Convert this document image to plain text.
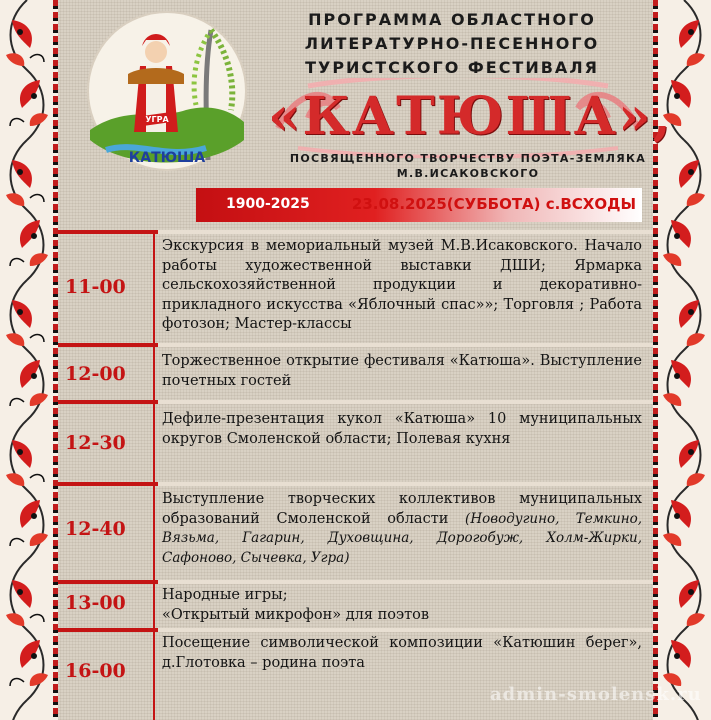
УГРА
КАТЮША
ПРОГРАММА ОБЛАСТНОГО
ЛИТЕРАТУРНО-ПЕСЕННОГО
ТУРИСТСКОГО ФЕСТИВАЛЯ
«КАТЮША»,
ПОСВЯЩЕННОГО ТВОРЧЕСТВУ ПОЭТА-ЗЕМЛЯКА
М.В.ИСАКОВСКОГО
1900-2025	23.08.2025(СУББОТА) с.ВСХОДЫ
11-00
Экскурсия в мемориальный музей М.В.Исаковского. Начало работы художественной выставки ДШИ; Ярмарка сельскохозяйственной продукции и декоративно-прикладного искусства «Яблочный спас»»; Торговля ; Работа фотозон; Мастер-классы
12-00
Торжественное открытие фестиваля «Катюша». Выступление почетных гостей
12-30
Дефиле-презентация кукол «Катюша» 10 муниципальных округов Смоленской области; Полевая кухня
12-40
Выступление творческих коллективов муниципальных образований Смоленской области (Новодугино, Темкино, Вязьма, Гагарин, Духовщина, Дорогобуж, Холм-Жирки, Сафоново, Сычевка, Угра)
13-00 Народные игры;
«Открытый микрофон» для поэтов
16-00
Посещение символической композиции «Катюшин берег», д.Глотовка – родина поэта
admin-smolensk.ru
